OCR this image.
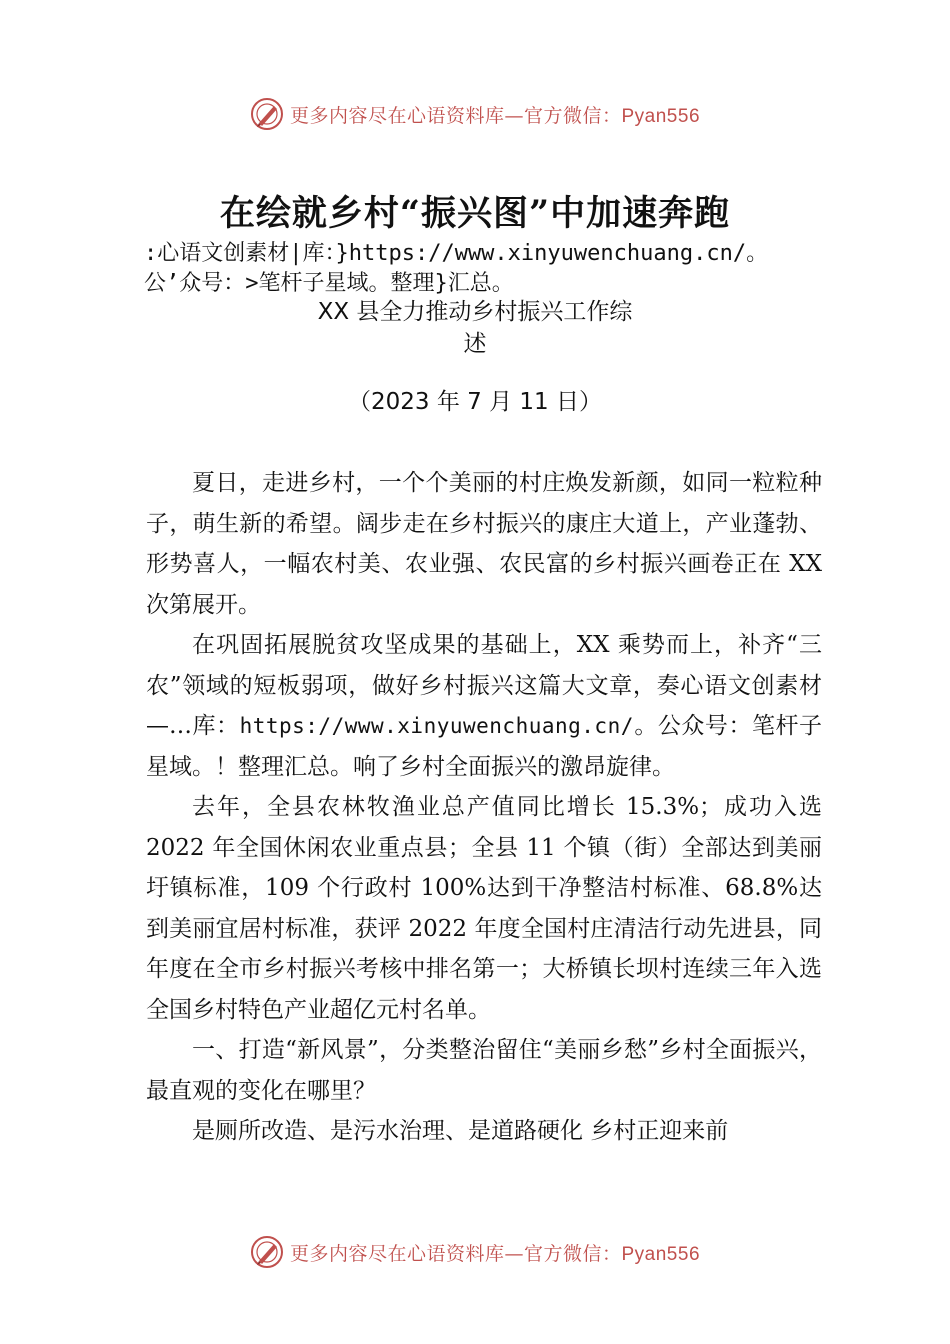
更多内容尽在心语资料库—官方微信：Pyan556
在绘就乡村“振兴图”中加速奔跑
:心语文创素材|库：}https://www.xinyuwenchuang.cn/。
公’众号：>笔杆子星域。整理}汇总。
XX 县全力推动乡村振兴工作综
述
（2023 年 7 月 11 日）

夏日，走进乡村，一个个美丽的村庄焕发新颜，如同一粒粒种子，萌生新的希望。阔步走在乡村振兴的康庄大道上，产业蓬勃、形势喜人，一幅农村美、农业强、农民富的乡村振兴画卷正在 XX 次第展开。

在巩固拓展脱贫攻坚成果的基础上，XX 乘势而上，补齐“三农”领域的短板弱项，做好乡村振兴这篇大文章，奏心语文创素材—…库：https://www.xinyuwenchuang.cn/。公众号：笔杆子星域。！整理汇总。响了乡村全面振兴的激昂旋律。

去年，全县农林牧渔业总产值同比增长 15.3%；成功入选 2022 年全国休闲农业重点县；全县 11 个镇（街）全部达到美丽圩镇标准，109 个行政村 100%达到干净整洁村标准、68.8%达到美丽宜居村标准，获评 2022 年度全国村庄清洁行动先进县，同年度在全市乡村振兴考核中排名第一；大桥镇长坝村连续三年入选全国乡村特色产业超亿元村名单。

一、打造“新风景”，分类整治留住“美丽乡愁”乡村全面振兴，最直观的变化在哪里？

是厕所改造、是污水治理、是道路硬化 乡村正迎来前

更多内容尽在心语资料库—官方微信：Pyan556
